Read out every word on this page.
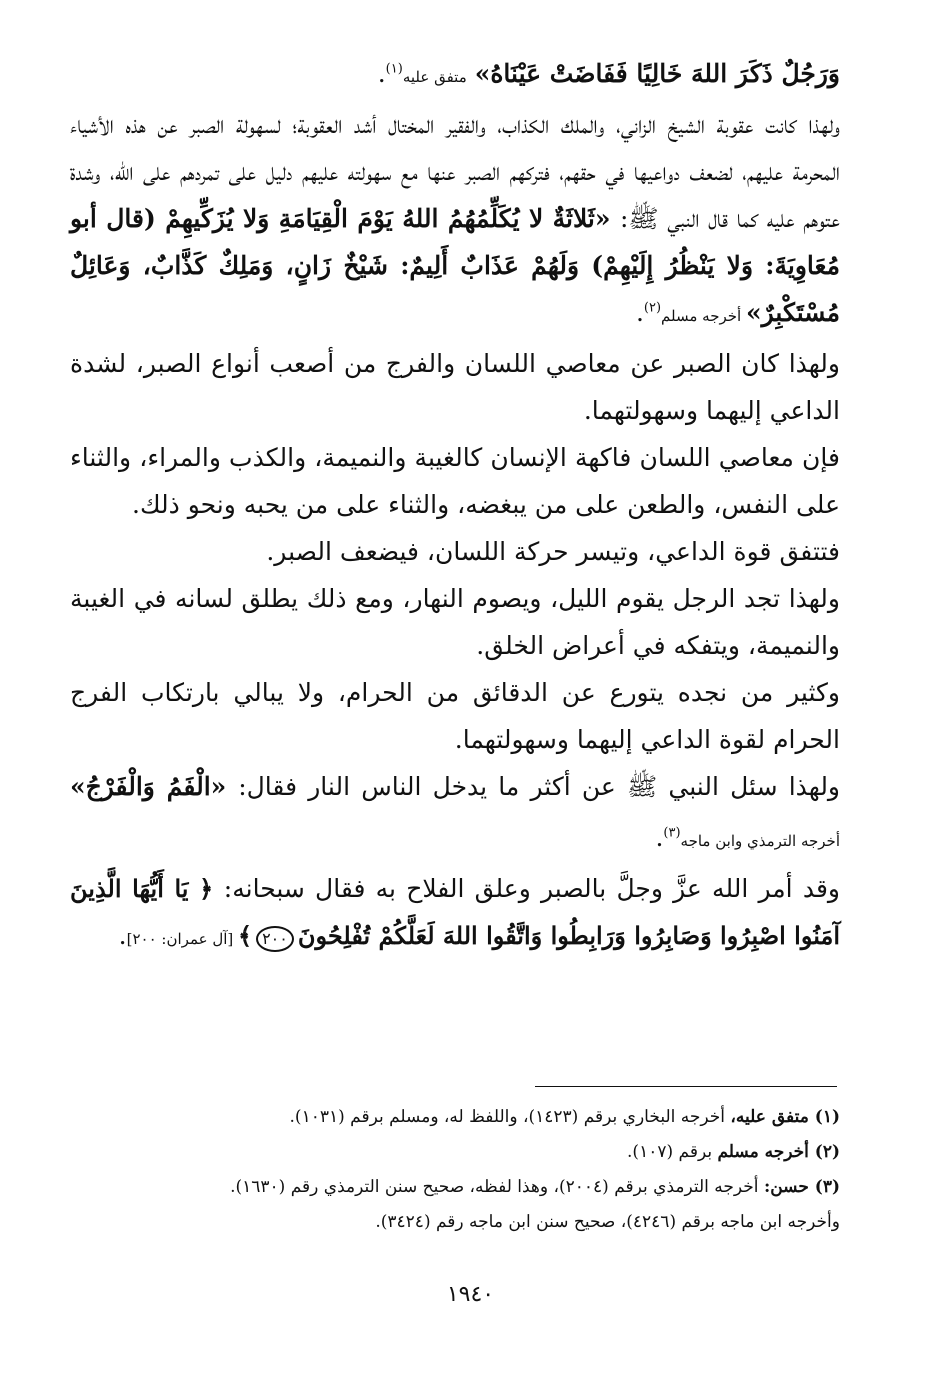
وَرَجُلٌ ذَكَرَ اللهَ خَالِيًا فَفَاضَتْ عَيْنَاهُ» متفق عليه$^{(١)}$.

ولهذا كانت عقوبة الشيخ الزاني، والملك الكذاب، والفقير المختال أشد العقوبة؛ لسهولة الصبر عن هذه الأشياء المحرمة عليهم، لضعف دواعيها في حقهم، فتركهم الصبر عنها مع سهولته عليهم دليل على تمردهم على الله، وشدة عتوهم عليه كما قال النبي ﷺ: «ثَلاثَةٌ لا يُكَلِّمُهُمُ اللهُ يَوْمَ الْقِيَامَةِ وَلا يُزَكِّيهِمْ (قال أبو مُعَاوِيَةَ: وَلا يَنْظُرُ إِلَيْهِمْ) وَلَهُمْ عَذَابٌ أَلِيمٌ: شَيْخٌ زَانٍ، وَمَلِكٌ كَذَّابٌ، وَعَائِلٌ مُسْتَكْبِرٌ» أخرجه مسلم$^{(٢)}$.

ولهذا كان الصبر عن معاصي اللسان والفرج من أصعب أنواع الصبر، لشدة الداعي إليهما وسهولتهما.

فإن معاصي اللسان فاكهة الإنسان كالغيبة والنميمة، والكذب والمراء، والثناء على النفس، والطعن على من يبغضه، والثناء على من يحبه ونحو ذلك.

فتتفق قوة الداعي، وتيسر حركة اللسان، فيضعف الصبر.

ولهذا تجد الرجل يقوم الليل، ويصوم النهار، ومع ذلك يطلق لسانه في الغيبة والنميمة، ويتفكه في أعراض الخلق.

وكثير من نجده يتورع عن الدقائق من الحرام، ولا يبالي بارتكاب الفرج الحرام لقوة الداعي إليهما وسهولتهما.

ولهذا سئل النبي ﷺ عن أكثر ما يدخل الناس النار فقال: «الْفَمُ وَالْفَرْجُ» أخرجه الترمذي وابن ماجه$^{(٣)}$.

وقد أمر الله عزَّ وجلَّ بالصبر وعلق الفلاح به فقال سبحانه: ﴿ يَا أَيُّهَا الَّذِينَ آمَنُوا اصْبِرُوا وَصَابِرُوا وَرَابِطُوا وَاتَّقُوا اللهَ لَعَلَّكُمْ تُفْلِحُونَ٢٠٠﴾ [آل عمران: ٢٠٠].

(١) متفق عليه، أخرجه البخاري برقم (١٤٢٣)، واللفظ له، ومسلم برقم (١٠٣١).

(٢) أخرجه مسلم برقم (١٠٧).

(٣) حسن: أخرجه الترمذي برقم (٢٠٠٤)، وهذا لفظه، صحيح سنن الترمذي رقم (١٦٣٠).

وأخرجه ابن ماجه برقم (٤٢٤٦)، صحيح سنن ابن ماجه رقم (٣٤٢٤).

١٩٤٠
